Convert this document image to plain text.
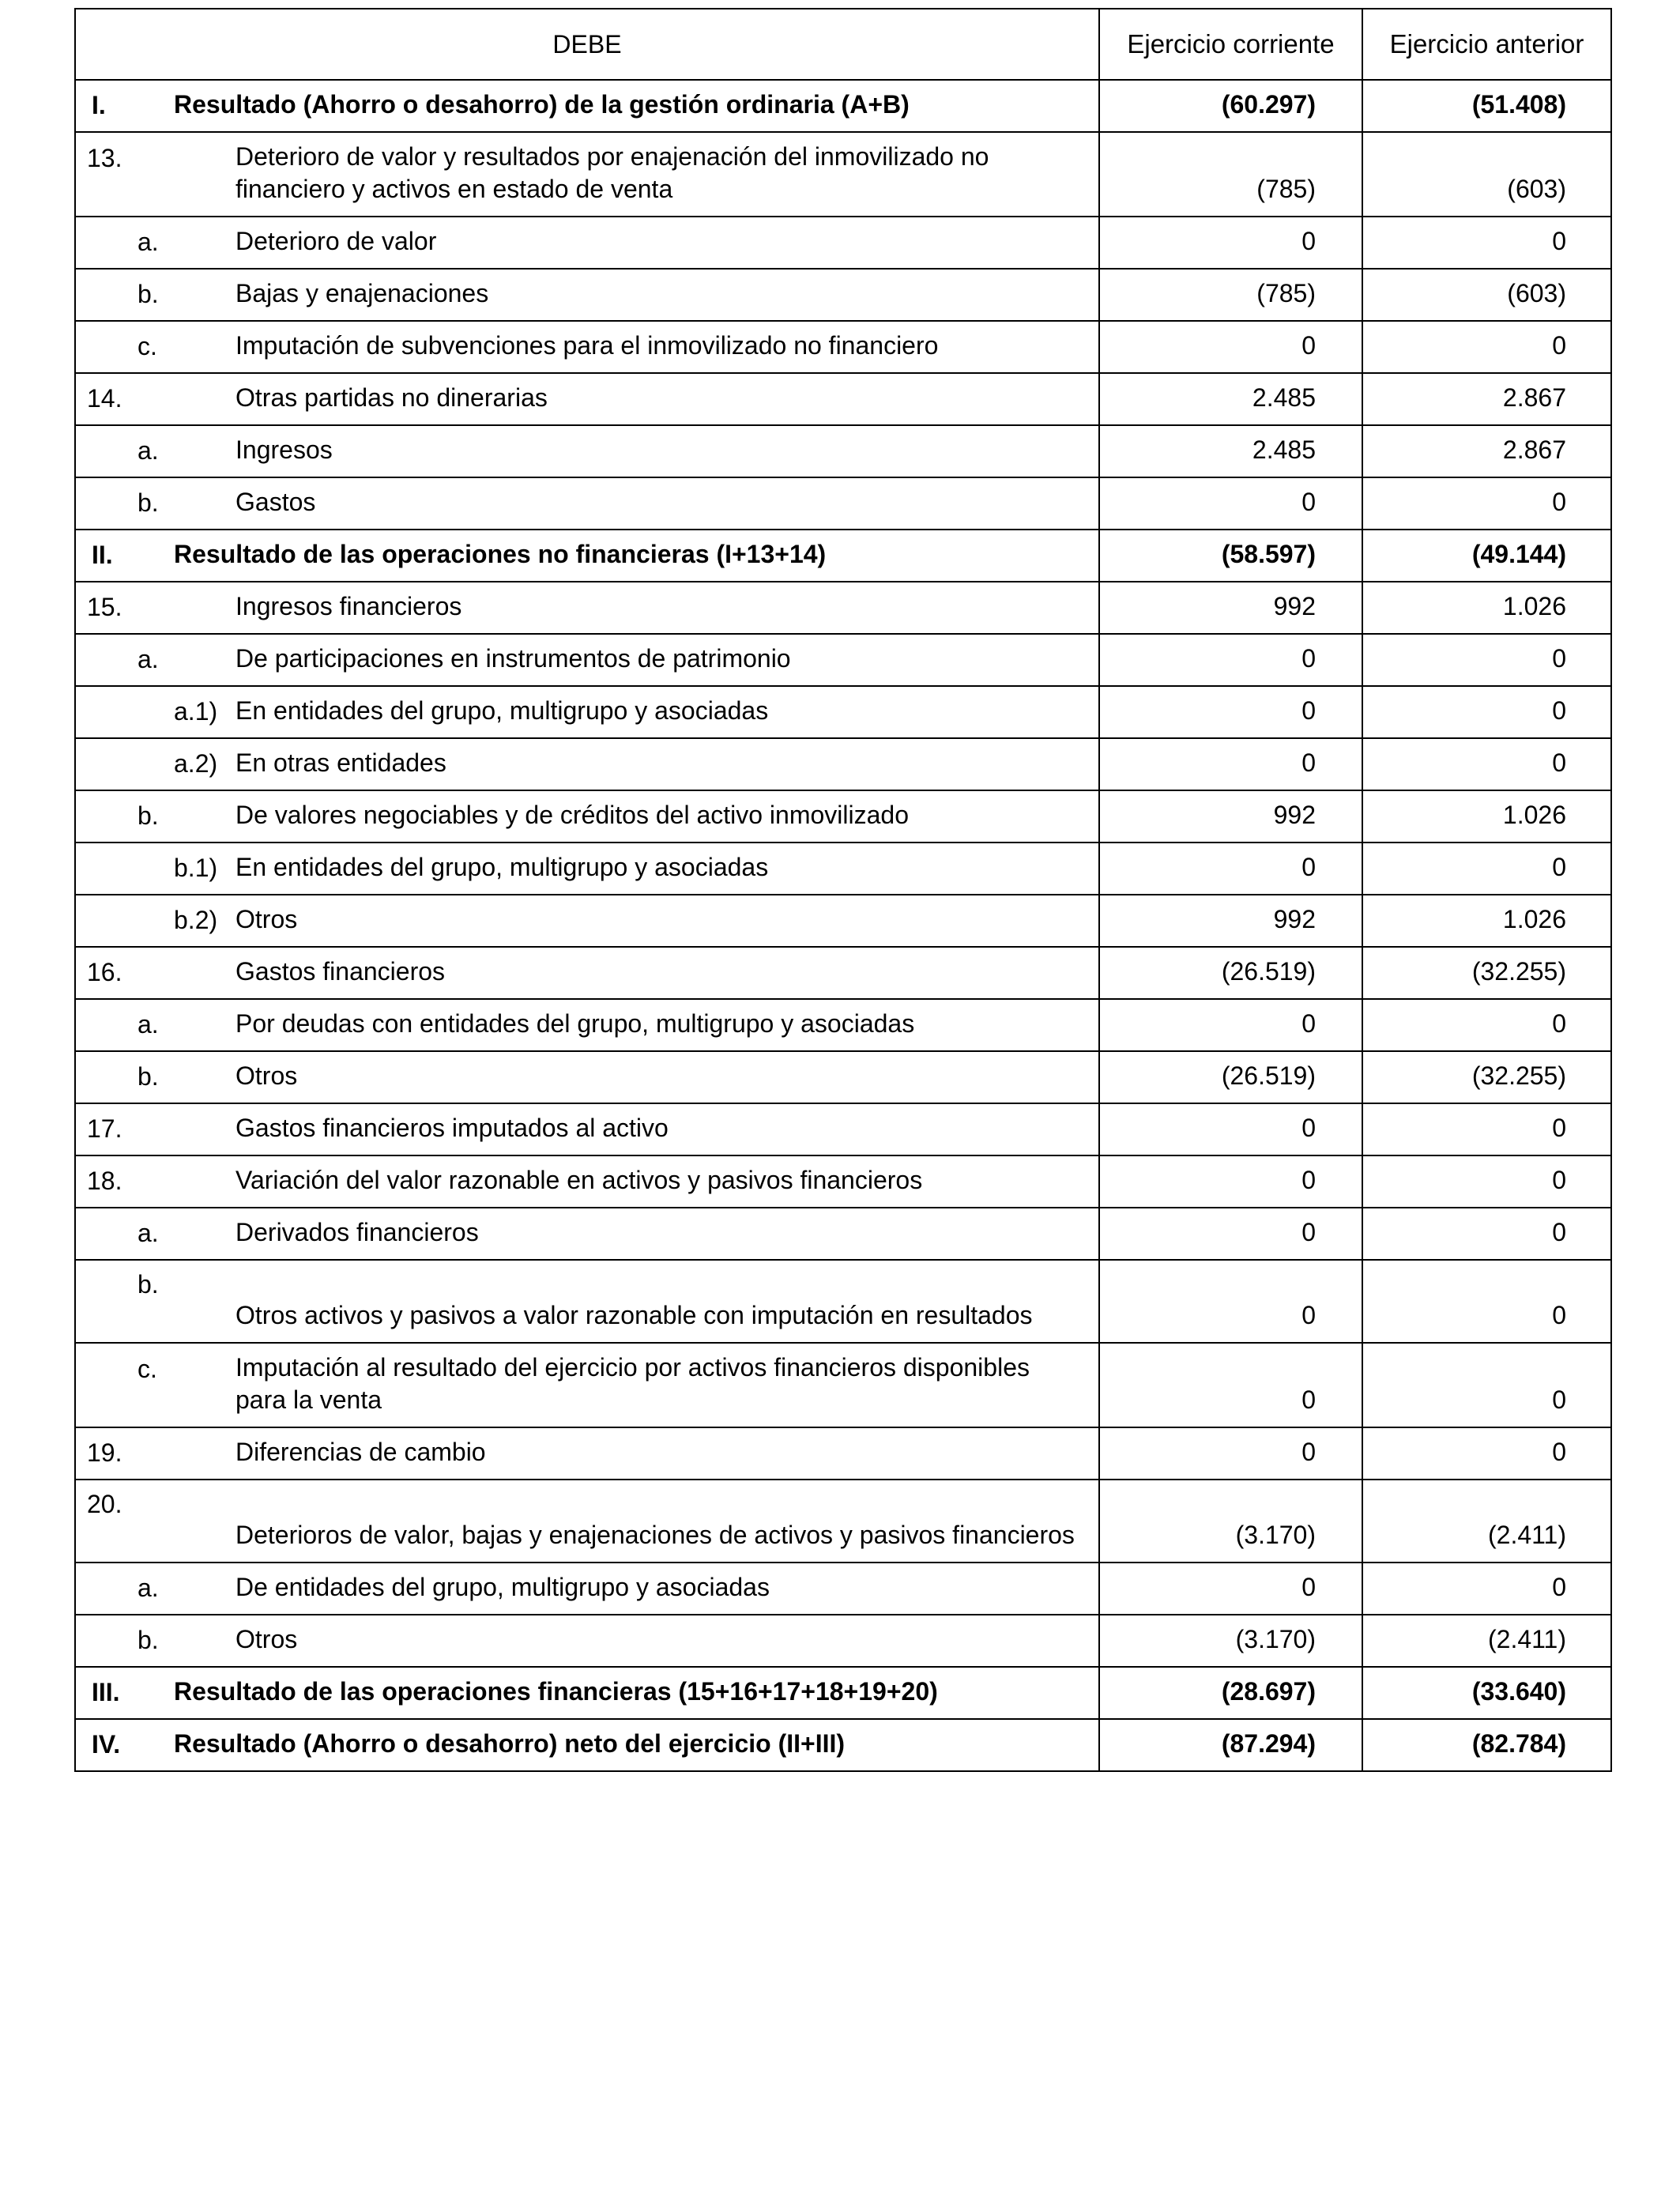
DEBE	Ejercicio corriente	Ejercicio anterior

I. Resultado (Ahorro o desahorro) de la gestión ordinaria (A+B)	(60.297)	(51.408)

13. Deterioro de valor y resultados por enajenación del inmovilizado no financiero y activos en estado de venta	(785)	(603)

a. Deterioro de valor	0	0

b. Bajas y enajenaciones	(785)	(603)

c. Imputación de subvenciones para el inmovilizado no financiero	0	0

14. Otras partidas no dinerarias	2.485	2.867

a. Ingresos	2.485	2.867

b. Gastos	0	0

II. Resultado de las operaciones no financieras (I+13+14)	(58.597)	(49.144)

15. Ingresos financieros	992	1.026

a. De participaciones en instrumentos de patrimonio	0	0

a.1) En entidades del grupo, multigrupo y asociadas	0	0

a.2) En otras entidades	0	0

b. De valores negociables y de créditos del activo inmovilizado	992	1.026

b.1) En entidades del grupo, multigrupo y asociadas	0	0

b.2) Otros	992	1.026

16. Gastos financieros	(26.519)	(32.255)

a. Por deudas con entidades del grupo, multigrupo y asociadas	0	0

b. Otros	(26.519)	(32.255)

17. Gastos financieros imputados al activo	0	0

18. Variación del valor razonable en activos y pasivos financieros	0	0

a. Derivados financieros	0	0

b.
Otros activos y pasivos a valor razonable con imputación en resultados	0	0

c. Imputación al resultado del ejercicio por activos financieros disponibles para la venta	0	0

19. Diferencias de cambio	0	0

20.
Deterioros de valor, bajas y enajenaciones de activos y pasivos financieros	(3.170)	(2.411)

a. De entidades del grupo, multigrupo y asociadas	0	0

b. Otros	(3.170)	(2.411)

III. Resultado de las operaciones financieras (15+16+17+18+19+20)	(28.697)	(33.640)

IV. Resultado (Ahorro o desahorro) neto del ejercicio (II+III)	(87.294)	(82.784)
